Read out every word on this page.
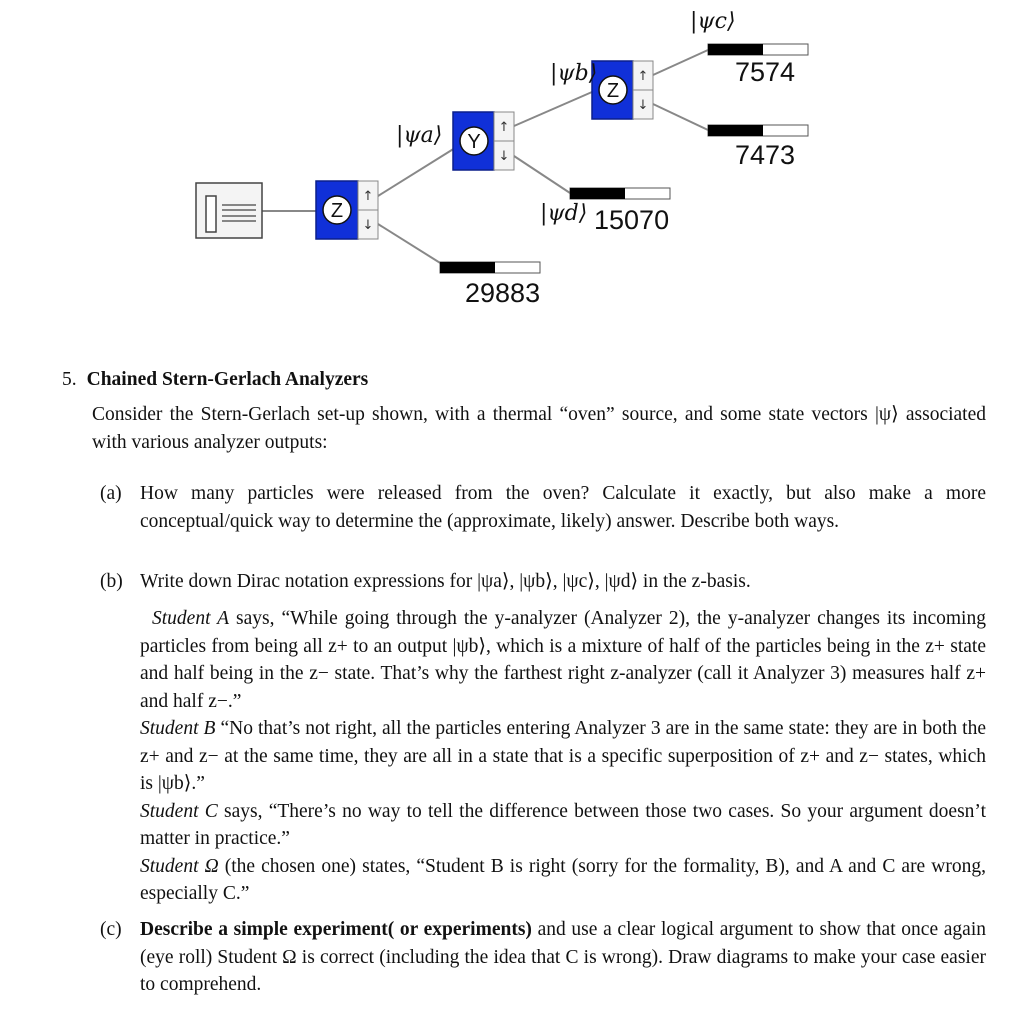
Z
↑
↓
Y
↑
↓
Z
↑
↓
|ψa⟩
|ψb⟩
|ψc⟩
|ψd⟩
7574
7473
15070
29883
5. Chained Stern-Gerlach Analyzers
Consider the Stern-Gerlach set-up shown, with a thermal “oven” source, and some state vectors |ψ⟩ associated with various analyzer outputs:
(a) How many particles were released from the oven? Calculate it exactly, but also make a more conceptual/quick way to determine the (approximate, likely) answer. Describe both ways.
(b) Write down Dirac notation expressions for |ψa⟩, |ψb⟩, |ψc⟩, |ψd⟩ in the z-basis.

Student A says, “While going through the y-analyzer (Analyzer 2), the y-analyzer changes its incoming particles from being all z+ to an output |ψb⟩, which is a mixture of half of the particles being in the z+ state and half being in the z− state. That’s why the farthest right z-analyzer (call it Analyzer 3) measures half z+ and half z−.”

Student B “No that’s not right, all the particles entering Analyzer 3 are in the same state: they are in both the z+ and z− at the same time, they are all in a state that is a specific superposition of z+ and z− states, which is |ψb⟩.”

Student C says, “There’s no way to tell the difference between those two cases. So your argument doesn’t matter in practice.”

Student Ω (the chosen one) states, “Student B is right (sorry for the formality, B), and A and C are wrong, especially C.”

(c) Describe a simple experiment( or experiments) and use a clear logical argument to show that once again (eye roll) Student Ω is correct (including the idea that C is wrong). Draw diagrams to make your case easier to comprehend.
